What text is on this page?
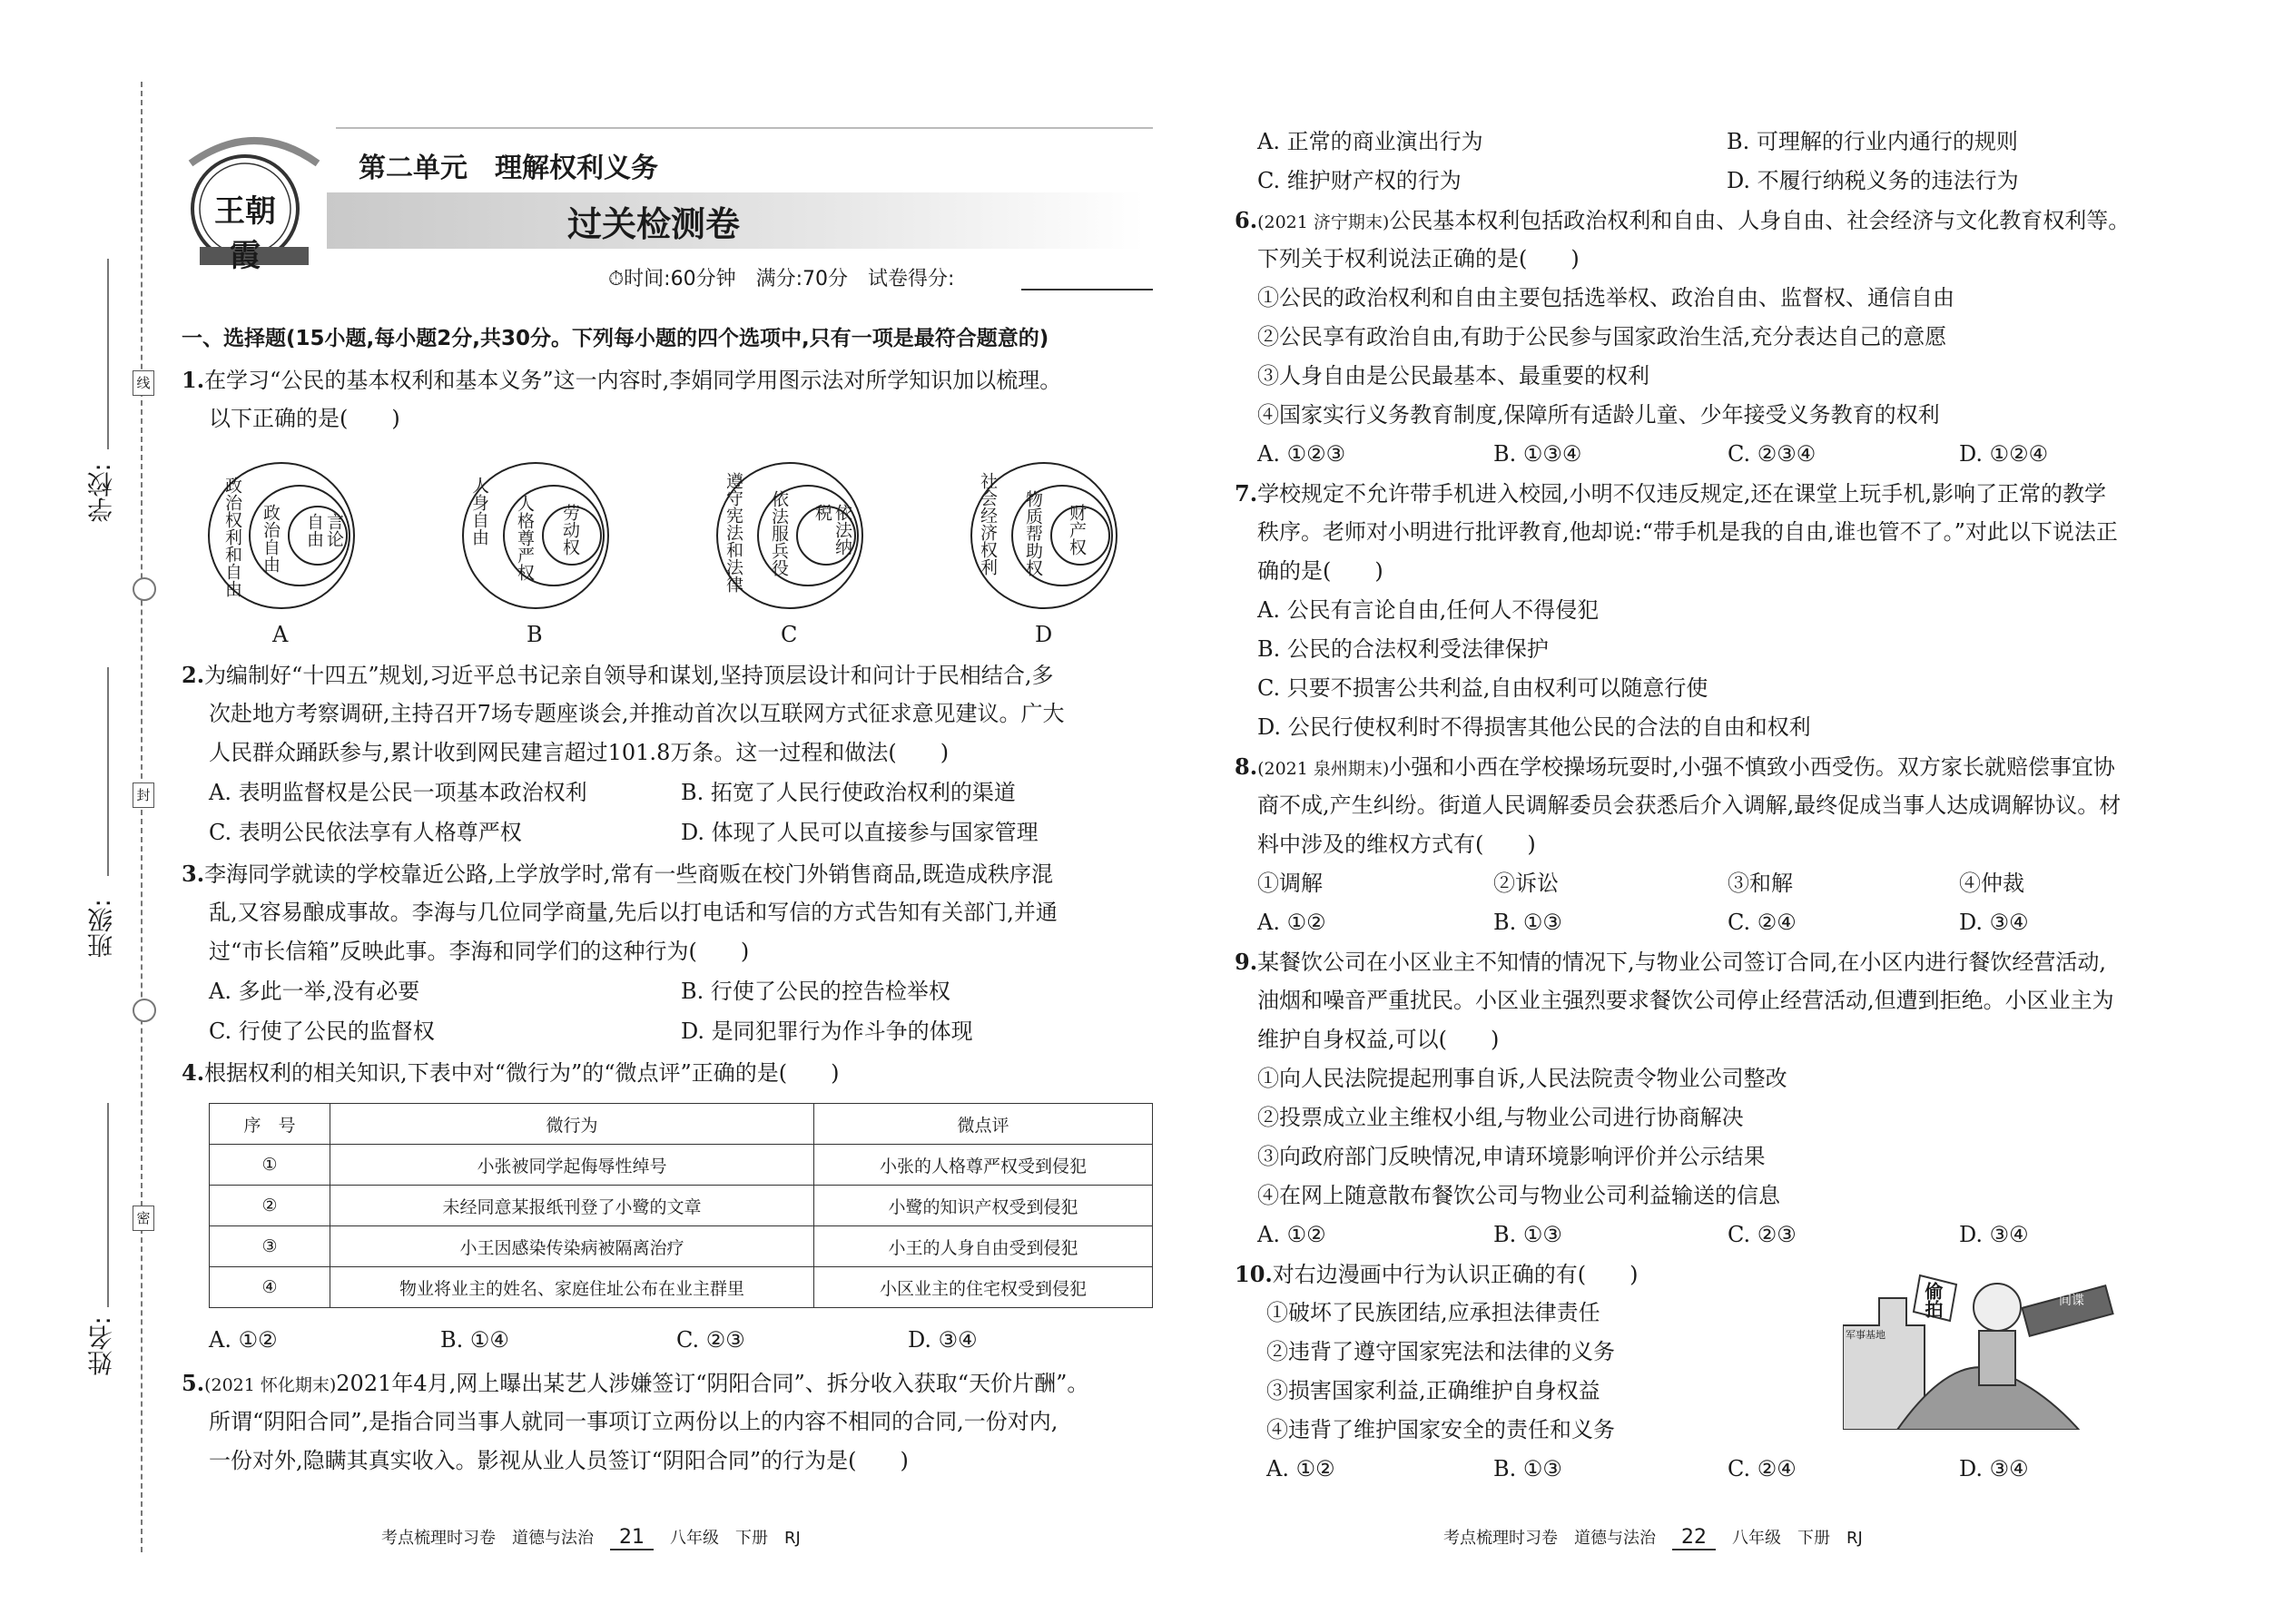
线
封
密
学校:
班级:
姓名:
王朝霞
第二单元　理解权利义务
过关检测卷
⏱时间:60分钟　满分:70分　试卷得分:
一、选择题(15小题,每小题2分,共30分。下列每小题的四个选项中,只有一项是最符合题意的)
1.在学习“公民的基本权利和基本义务”这一内容时,李娟同学用图示法对所学知识加以梳理。
以下正确的是(　　)
政治权利和自由 政治自由	言论自由	人身自由 人格尊严权 劳动权	遵守宪法和法律 依法服兵役	依法纳税	社会经济权利 物质帮助权 财产权
A	B	C	D
2.为编制好“十四五”规划,习近平总书记亲自领导和谋划,坚持顶层设计和问计于民相结合,多
次赴地方考察调研,主持召开7场专题座谈会,并推动首次以互联网方式征求意见建议。广大
人民群众踊跃参与,累计收到网民建言超过101.8万条。这一过程和做法(　　)
A. 表明监督权是公民一项基本政治权利	B. 拓宽了人民行使政治权利的渠道
C. 表明公民依法享有人格尊严权	D. 体现了人民可以直接参与国家管理
3.李海同学就读的学校靠近公路,上学放学时,常有一些商贩在校门外销售商品,既造成秩序混
乱,又容易酿成事故。李海与几位同学商量,先后以打电话和写信的方式告知有关部门,并通
过“市长信箱”反映此事。李海和同学们的这种行为(　　)
A. 多此一举,没有必要	B. 行使了公民的控告检举权
C. 行使了公民的监督权	D. 是同犯罪行为作斗争的体现
4.根据权利的相关知识,下表中对“微行为”的“微点评”正确的是(　　)
序　号	微行为	微点评
①	小张被同学起侮辱性绰号	小张的人格尊严权受到侵犯
②	未经同意某报纸刊登了小鹭的文章	小鹭的知识产权受到侵犯
③	小王因感染传染病被隔离治疗	小王的人身自由受到侵犯
④	物业将业主的姓名、家庭住址公布在业主群里	小区业主的住宅权受到侵犯
A. ①②	B. ①④	C. ②③	D. ③④
5.(2021 怀化期末)2021年4月,网上曝出某艺人涉嫌签订“阴阳合同”、拆分收入获取“天价片酬”。
所谓“阴阳合同”,是指合同当事人就同一事项订立两份以上的内容不相同的合同,一份对内,
一份对外,隐瞒其真实收入。影视从业人员签订“阴阳合同”的行为是(　　)
考点梳理时习卷　道德与法治　 21　 八年级　下册　RJ
A. 正常的商业演出行为	B. 可理解的行业内通行的规则
C. 维护财产权的行为	D. 不履行纳税义务的违法行为
6.(2021 济宁期末)公民基本权利包括政治权利和自由、人身自由、社会经济与文化教育权利等。
下列关于权利说法正确的是(　　)
①公民的政治权利和自由主要包括选举权、政治自由、监督权、通信自由
②公民享有政治自由,有助于公民参与国家政治生活,充分表达自己的意愿
③人身自由是公民最基本、最重要的权利
④国家实行义务教育制度,保障所有适龄儿童、少年接受义务教育的权利
A. ①②③	B. ①③④	C. ②③④	D. ①②④
7.学校规定不允许带手机进入校园,小明不仅违反规定,还在课堂上玩手机,影响了正常的教学
秩序。老师对小明进行批评教育,他却说:“带手机是我的自由,谁也管不了。”对此以下说法正
确的是(　　)
A. 公民有言论自由,任何人不得侵犯
B. 公民的合法权利受法律保护
C. 只要不损害公共利益,自由权利可以随意行使
D. 公民行使权利时不得损害其他公民的合法的自由和权利
8.(2021 泉州期末)小强和小西在学校操场玩耍时,小强不慎致小西受伤。双方家长就赔偿事宜协
商不成,产生纠纷。街道人民调解委员会获悉后介入调解,最终促成当事人达成调解协议。材
料中涉及的维权方式有(　　)
①调解	②诉讼	③和解	④仲裁
A. ①②	B. ①③	C. ②④	D. ③④
9.某餐饮公司在小区业主不知情的情况下,与物业公司签订合同,在小区内进行餐饮经营活动,
油烟和噪音严重扰民。小区业主强烈要求餐饮公司停止经营活动,但遭到拒绝。小区业主为
维护自身权益,可以(　　)
①向人民法院提起刑事自诉,人民法院责令物业公司整改
②投票成立业主维权小组,与物业公司进行协商解决
③向政府部门反映情况,申请环境影响评价并公示结果
④在网上随意散布餐饮公司与物业公司利益输送的信息
A. ①②	B. ①③	C. ②③	D. ③④
10.对右边漫画中行为认识正确的有(　　)
①破坏了民族团结,应承担法律责任
②违背了遵守国家宪法和法律的义务
③损害国家利益,正确维护自身权益
④违背了维护国家安全的责任和义务
A. ①②	B. ①③	C. ②④	D. ③④
偷拍
军事基地
间谍
考点梳理时习卷　道德与法治　 22　 八年级　下册　RJ
